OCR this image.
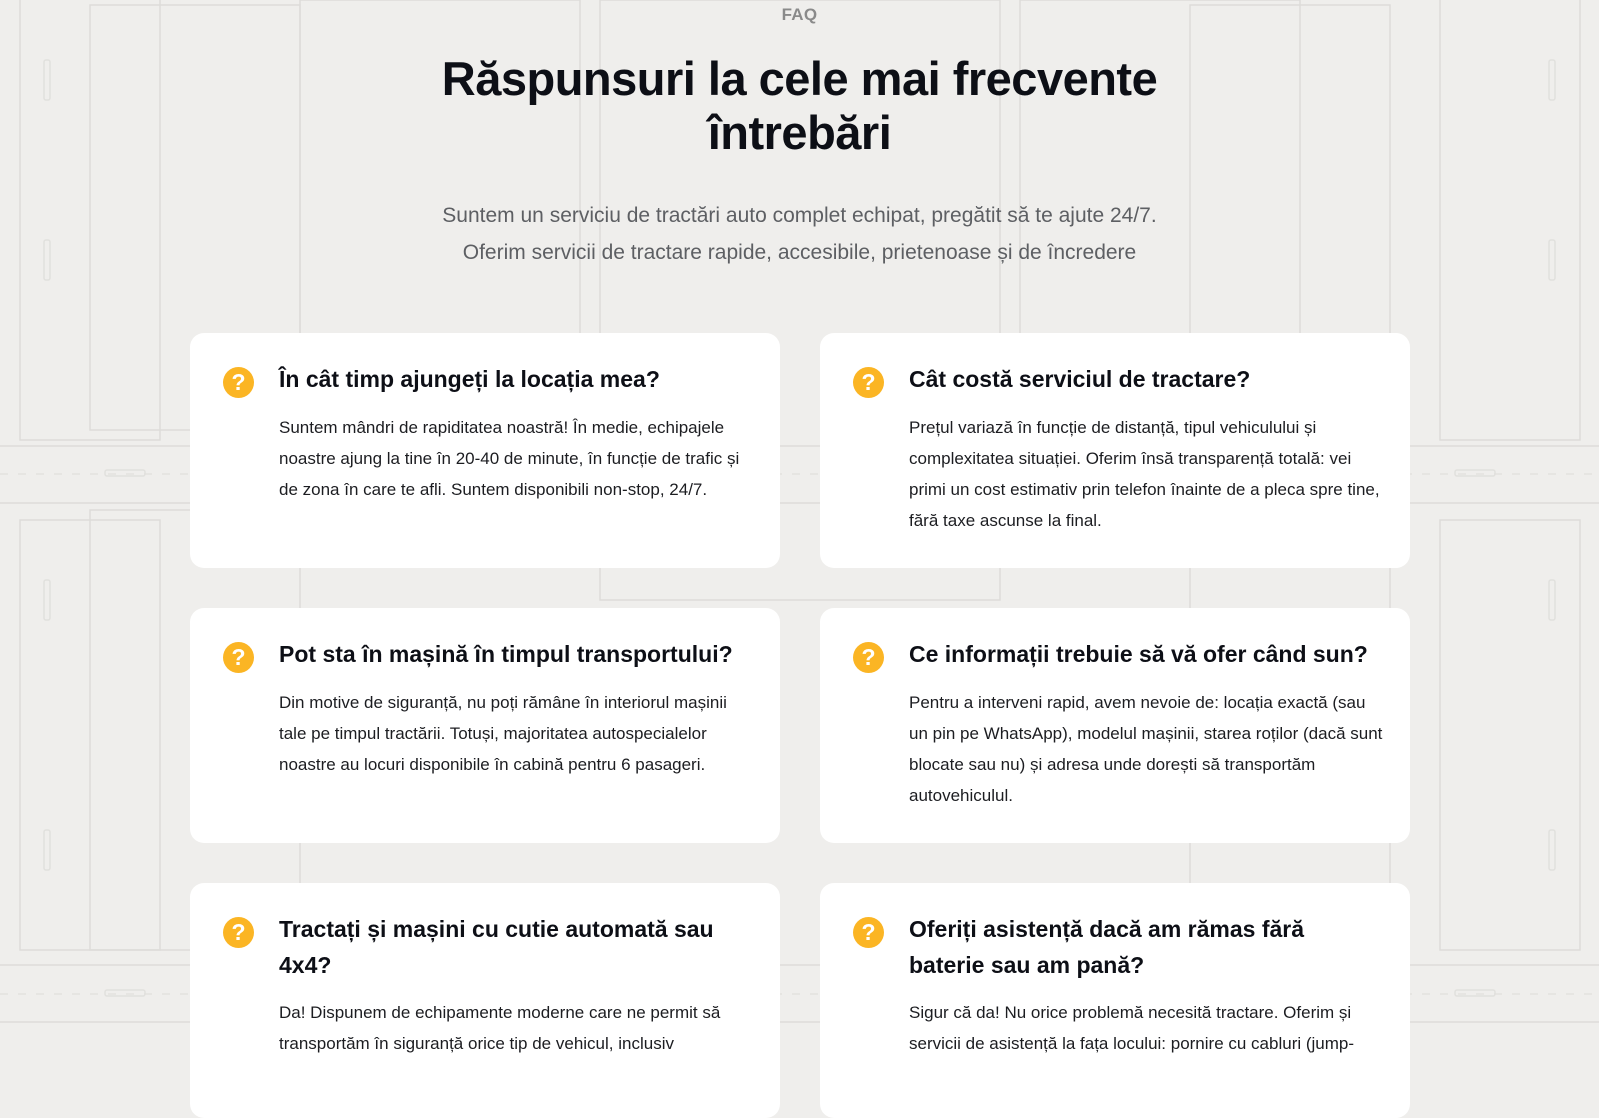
FAQ
Răspunsuri la cele mai frecvente
întrebări

Suntem un serviciu de tractări auto complet echipat, pregătit să te ajute 24/7.
Oferim servicii de tractare rapide, accesibile, prietenoase și de încredere

?	În cât timp ajungeți la locația mea?

Suntem mândri de rapiditatea noastră! În medie, echipajele noastre ajung la tine în 20-40 de minute, în funcție de trafic și de zona în care te afli. Suntem disponibili non-stop, 24/7.

?	Cât costă serviciul de tractare?

Prețul variază în funcție de distanță, tipul vehiculului și complexitatea situației. Oferim însă transparență totală: vei primi un cost estimativ prin telefon înainte de a pleca spre tine, fără taxe ascunse la final.

?	Pot sta în mașină în timpul transportului?

Din motive de siguranță, nu poți rămâne în interiorul mașinii tale pe timpul tractării. Totuși, majoritatea autospecialelor noastre au locuri disponibile în cabină pentru 6 pasageri.

?	Ce informații trebuie să vă ofer când sun?

Pentru a interveni rapid, avem nevoie de: locația exactă (sau un pin pe WhatsApp), modelul mașinii, starea roților (dacă sunt blocate sau nu) și adresa unde dorești să transportăm autovehiculul.

?	Tractați și mașini cu cutie automată sau 4x4?

Da! Dispunem de echipamente moderne care ne permit să transportăm în siguranță orice tip de vehicul, inclusiv

?	Oferiți asistență dacă am rămas fără baterie sau am pană?

Sigur că da! Nu orice problemă necesită tractare. Oferim și servicii de asistență la fața locului: pornire cu cabluri (jump-
